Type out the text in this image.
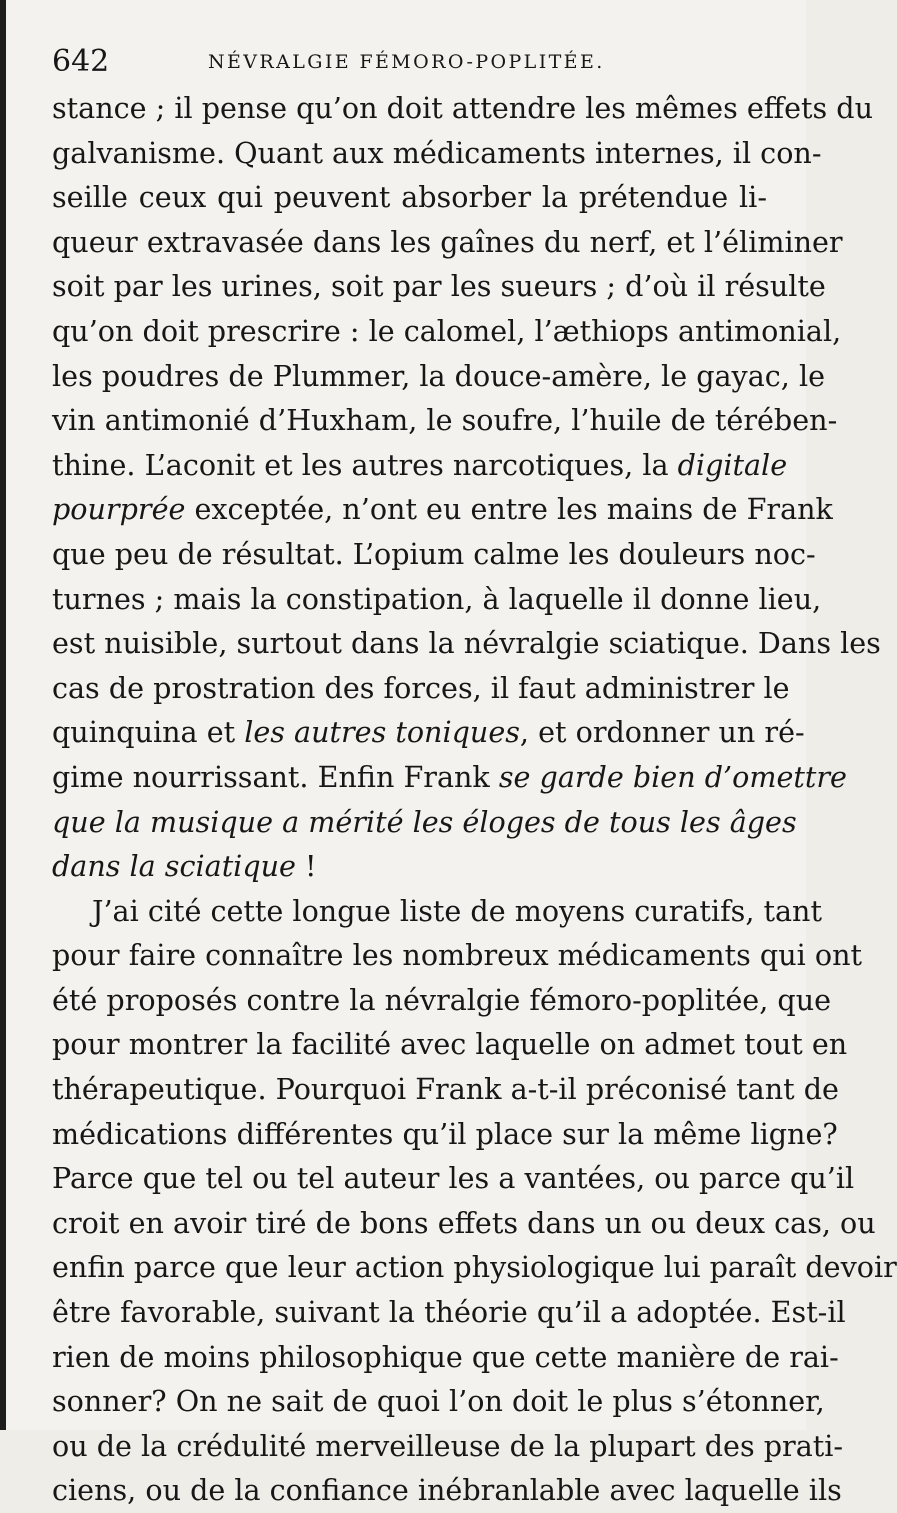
642	NÉVRALGIE FÉMORO-POPLITÉE.
stance ; il pense qu’on doit attendre les mêmes effets du
galvanisme. Quant aux médicaments internes, il con-
seille ceux qui peuvent absorber la prétendue li-
queur extravasée dans les gaînes du nerf, et l’éliminer
soit par les urines, soit par les sueurs ; d’où il résulte
qu’on doit prescrire : le calomel, l’æthiops antimonial,
les poudres de Plummer, la douce-amère, le gayac, le
vin antimonié d’Huxham, le soufre, l’huile de térében-
thine. L’aconit et les autres narcotiques, la digitale
pourprée exceptée, n’ont eu entre les mains de Frank
que peu de résultat. L’opium calme les douleurs noc-
turnes ; mais la constipation, à laquelle il donne lieu,
est nuisible, surtout dans la névralgie sciatique. Dans les
cas de prostration des forces, il faut administrer le
quinquina et les autres toniques, et ordonner un ré-
gime nourrissant. Enfin Frank se garde bien d’omettre
que la musique a mérité les éloges de tous les âges
dans la sciatique !
J’ai cité cette longue liste de moyens curatifs, tant
pour faire connaître les nombreux médicaments qui ont
été proposés contre la névralgie fémoro-poplitée, que
pour montrer la facilité avec laquelle on admet tout en
thérapeutique. Pourquoi Frank a-t-il préconisé tant de
médications différentes qu’il place sur la même ligne?
Parce que tel ou tel auteur les a vantées, ou parce qu’il
croit en avoir tiré de bons effets dans un ou deux cas, ou
enfin parce que leur action physiologique lui paraît devoir
être favorable, suivant la théorie qu’il a adoptée. Est-il
rien de moins philosophique que cette manière de rai-
sonner? On ne sait de quoi l’on doit le plus s’étonner,
ou de la crédulité merveilleuse de la plupart des prati-
ciens, ou de la confiance inébranlable avec laquelle ils
